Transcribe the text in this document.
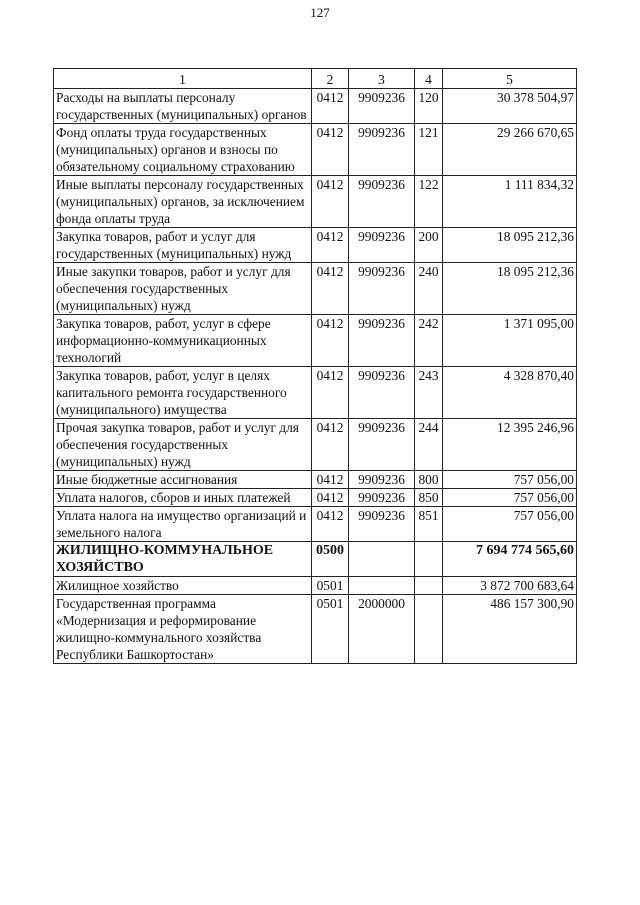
127
1	2	3	4	5
Расходы на выплаты персоналу государственных (муниципальных) органов	0412	9909236	120	30 378 504,97
Фонд оплаты труда государственных (муниципальных) органов и взносы по обязательному социальному страхованию	0412	9909236	121	29 266 670,65
Иные выплаты персоналу государственных (муниципальных) органов, за исключением фонда оплаты труда	0412	9909236	122	1 111 834,32
Закупка товаров, работ и услуг для государственных (муниципальных) нужд	0412	9909236	200	18 095 212,36
Иные закупки товаров, работ и услуг для обеспечения государственных (муниципальных) нужд	0412	9909236	240	18 095 212,36
Закупка товаров, работ, услуг в сфере информационно-коммуникационных технологий	0412	9909236	242	1 371 095,00
Закупка товаров, работ, услуг в целях капитального ремонта государственного (муниципального) имущества	0412	9909236	243	4 328 870,40
Прочая закупка товаров, работ и услуг для обеспечения государственных (муниципальных) нужд	0412	9909236	244	12 395 246,96
Иные бюджетные ассигнования	0412	9909236	800	757 056,00
Уплата налогов, сборов и иных платежей	0412	9909236	850	757 056,00
Уплата налога на имущество организаций и земельного налога	0412	9909236	851	757 056,00
ЖИЛИЩНО-КОММУНАЛЬНОЕ ХОЗЯЙСТВО	0500			7 694 774 565,60
Жилищное хозяйство	0501			3 872 700 683,64
Государственная программа «Модернизация и реформирование жилищно-коммунального хозяйства Республики Башкортостан»	0501	2000000		486 157 300,90
